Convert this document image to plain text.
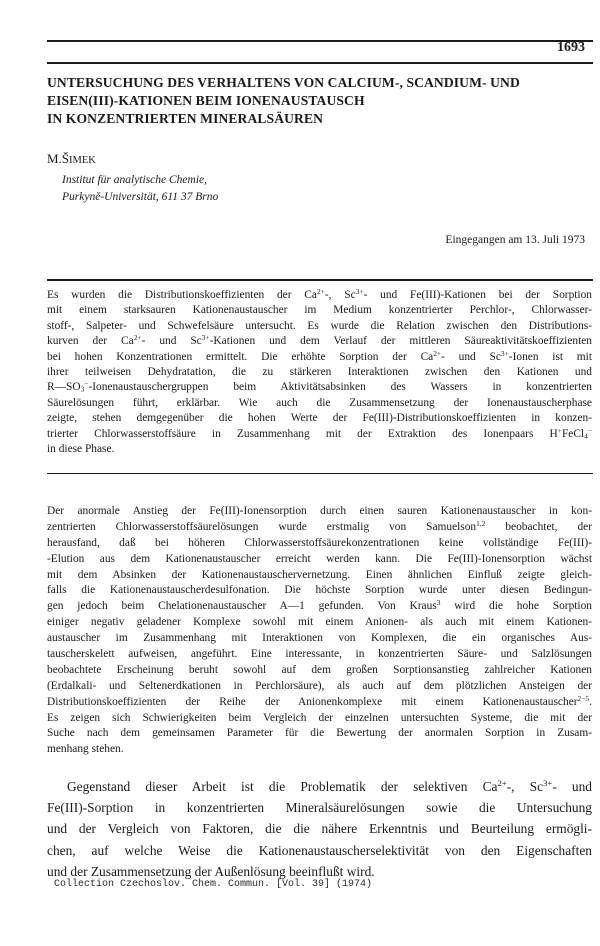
1693
UNTERSUCHUNG DES VERHALTENS VON CALCIUM-, SCANDIUM- UND
EISEN(III)-KATIONEN BEIM IONENAUSTAUSCH
IN KONZENTRIERTEN MINERALSÄUREN
M.ŠIMEK
Institut für analytische Chemie,
Purkyně-Universität, 611 37 Brno
Eingegangen am 13. Juli 1973
Es wurden die Distributionskoeffizienten der $Ca^{2+}-$, $Sc^{3+}-$ und Fe(III)-Kationen bei der Sorption
mit einem starksauren Kationenaustauscher im Medium konzentrierter Perchlor-, Chlorwasser-
stoff-, Salpeter- und Schwefelsäure untersucht. Es wurde die Relation zwischen den Distributions-
kurven der $Ca^{2+}-$ und $Sc^{3+}$-Kationen und dem Verlauf der mittleren Säureaktivitätskoeffizienten
bei hohen Konzentrationen ermittelt. Die erhöhte Sorption der $Ca^{2+}-$ und $Sc^{3+}$-Ionen ist mit
ihrer teilweisen Dehydratation, die zu stärkeren Interaktionen zwischen den Kationen und
$R—SO_3^-$-Ionenaustauschergruppen beim Aktivitätsabsinken des Wassers in konzentrierten
Säurelösungen führt, erklärbar. Wie auch die Zusammensetzung der Ionenaustauscherphase
zeigte, stehen demgegenüber die hohen Werte der Fe(III)-Distributionskoeffizienten in konzen-
trierter Chlorwasserstoffsäure in Zusammenhang mit der Extraktion des Ionenpaars H+FeCl$_4$−
in diese Phase.
Der anormale Anstieg der Fe(III)-Ionensorption durch einen sauren Kationenaustauscher in kon-
zentrierten Chlorwasserstoffsäurelösungen wurde erstmalig von Samuelson$^{1,2}$ beobachtet, der
herausfand, daß bei höheren Chlorwasserstoffsäurekonzentrationen keine vollständige Fe(III)-
-Elution aus dem Kationenaustauscher erreicht werden kann. Die Fe(III)-Ionensorption wächst
mit dem Absinken der Kationenaustauschervernetzung. Einen ähnlichen Einfluß zeigte gleich-
falls die Kationenaustauscherdesulfonation. Die höchste Sorption wurde unter diesen Bedingun-
gen jedoch beim Chelationenaustauscher A—1 gefunden. Von Kraus$^3$ wird die hohe Sorption
einiger negativ geladener Komplexe sowohl mit einem Anionen- als auch mit einem Kationen-
austauscher im Zusammenhang mit Interaktionen von Komplexen, die ein organisches Aus-
tauscherskelett aufweisen, angeführt. Eine interessante, in konzentrierten Säure- und Salzlösungen
beobachtete Erscheinung beruht sowohl auf dem großen Sorptionsanstieg zahlreicher Kationen
(Erdalkali- und Seltenerdkationen in Perchlorsäure), als auch auf dem plötzlichen Ansteigen der
Distributionskoeffizienten der Reihe der Anionenkomplexe mit einem Kationenaustauscher$^{2-5}$.
Es zeigen sich Schwierigkeiten beim Vergleich der einzelnen untersuchten Systeme, die mit der
Suche nach dem gemeinsamen Parameter für die Bewertung der anormalen Sorption in Zusam-
menhang stehen.
Gegenstand dieser Arbeit ist die Problematik der selektiven $Ca^{2+}-$, $Sc^{3+}-$ und
Fe(III)-Sorption in konzentrierten Mineralsäurelösungen sowie die Untersuchung
und der Vergleich von Faktoren, die die nähere Erkenntnis und Beurteilung ermögli-
chen, auf welche Weise die Kationenaustauscherselektivität von den Eigenschaften
und der Zusammensetzung der Außenlösung beeinflußt wird.
Collection Czechoslov. Chem. Commun. [Vol. 39] (1974)
